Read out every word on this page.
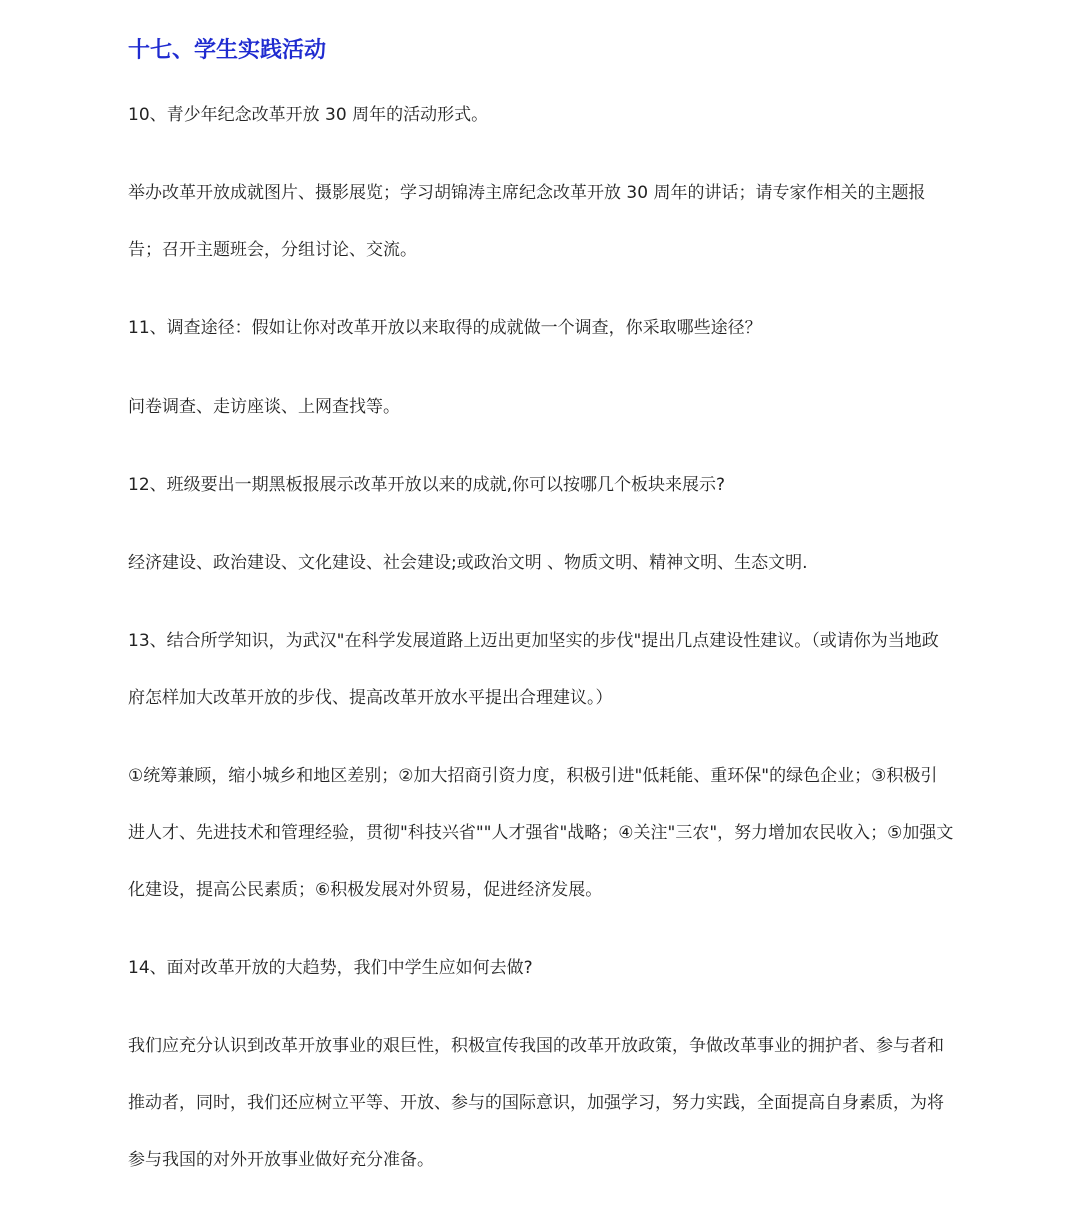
十七、学生实践活动

10、青少年纪念改革开放 30 周年的活动形式。

举办改革开放成就图片、摄影展览；学习胡锦涛主席纪念改革开放 30 周年的讲话；请专家作相关的主题报告；召开主题班会，分组讨论、交流。

11、调查途径：假如让你对改革开放以来取得的成就做一个调查，你采取哪些途径？

问卷调查、走访座谈、上网查找等。

12、班级要出一期黑板报展示改革开放以来的成就,你可以按哪几个板块来展示?

经济建设、政治建设、文化建设、社会建设;或政治文明 、物质文明、精神文明、生态文明.

13、结合所学知识，为武汉"在科学发展道路上迈出更加坚实的步伐"提出几点建设性建议。（或请你为当地政府怎样加大改革开放的步伐、提高改革开放水平提出合理建议。）

①统筹兼顾，缩小城乡和地区差别；②加大招商引资力度，积极引进"低耗能、重环保"的绿色企业；③积极引进人才、先进技术和管理经验，贯彻"科技兴省""人才强省"战略；④关注"三农"，努力增加农民收入；⑤加强文化建设，提高公民素质；⑥积极发展对外贸易，促进经济发展。

14、面对改革开放的大趋势，我们中学生应如何去做?

我们应充分认识到改革开放事业的艰巨性，积极宣传我国的改革开放政策，争做改革事业的拥护者、参与者和推动者，同时，我们还应树立平等、开放、参与的国际意识，加强学习，努力实践，全面提高自身素质，为将参与我国的对外开放事业做好充分准备。
